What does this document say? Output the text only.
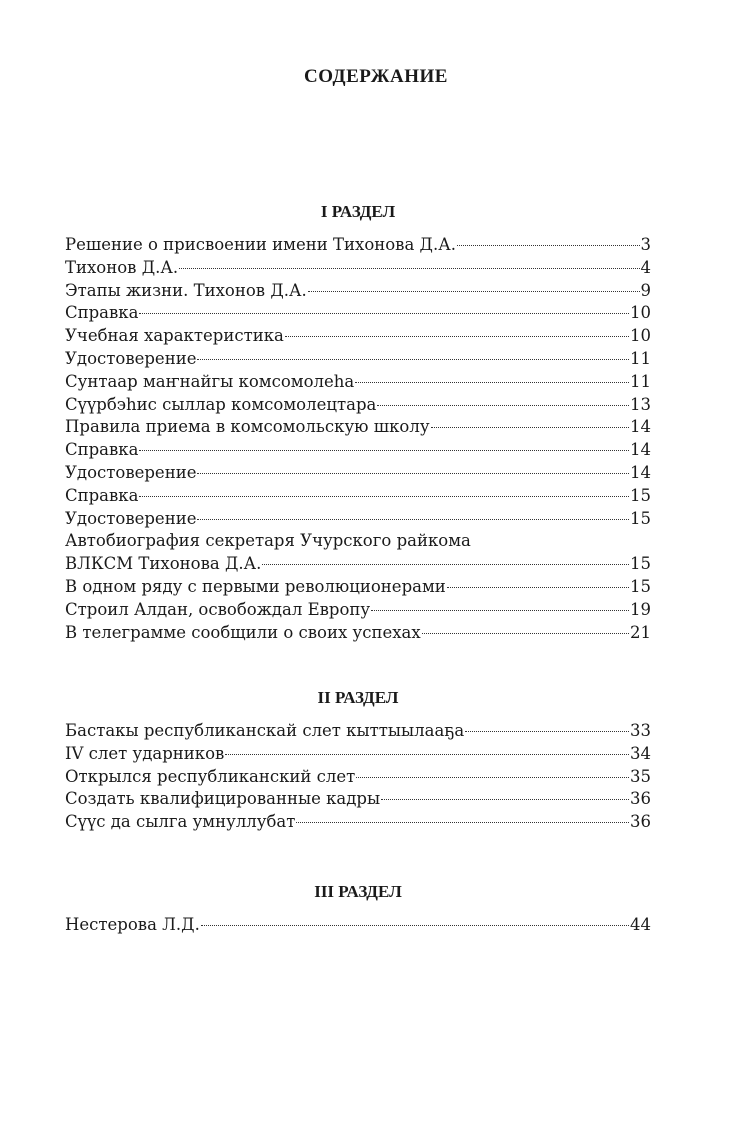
СОДЕРЖАНИЕ
I РАЗДЕЛ
Решение о присвоении имени Тихонова Д.А.	3
Тихонов Д.А.	4
Этапы жизни. Тихонов Д.А.	9
Справка	10
Учебная характеристика	10
Удостоверение	11
Сунтаар маҥнайгы комсомолеhа	11
Сүүрбэhис сыллар комсомолецтара	13
Правила приема в комсомольскую школу	14
Справка	14
Удостоверение	14
Справка	15
Удостоверение	15
Автобиография секретаря Учурского райкома
ВЛКСМ Тихонова Д.А.	15
В одном ряду с первыми революционерами	15
Строил Алдан, освобождал Европу	19
В телеграмме сообщили о своих успехах	21
II РАЗДЕЛ
Бастакы республиканскай слет кыттыылааҕа	33
IV слет ударников	34
Открылся республиканский слет	35
Создать квалифицированные кадры	36
Сүүс да сылга умнуллубат	36
III РАЗДЕЛ
Нестерова Л.Д.	44
